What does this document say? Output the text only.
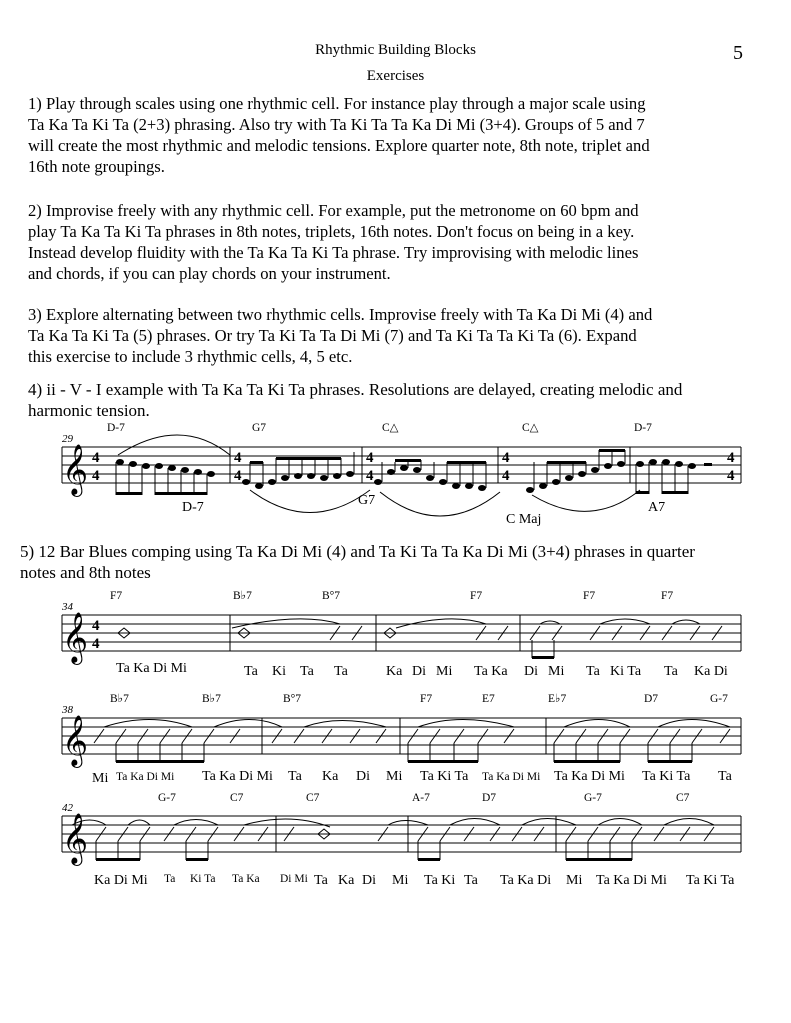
Rhythmic Building Blocks	5
Exercises
1) Play through scales using one rhythmic cell. For instance play through a major scale using
Ta Ka Ta Ki Ta (2+3) phrasing. Also try with Ta Ki Ta Ta Ka Di Mi (3+4). Groups of 5 and 7
will create the most rhythmic and melodic tensions. Explore quarter note, 8th note, triplet and
16th note groupings.
2) Improvise freely with any rhythmic cell. For example, put the metronome on 60 bpm and
play Ta Ka Ta Ki Ta phrases in 8th notes, triplets, 16th notes. Don't focus on being in a key.
Instead develop fluidity with the Ta Ka Ta Ki Ta phrase. Try improvising with melodic lines
and chords, if you can play chords on your instrument.
3) Explore alternating between two rhythmic cells. Improvise freely with Ta Ka Di Mi (4) and
Ta Ka Ta Ki Ta (5) phrases. Or try Ta Ki Ta Ta Di Mi (7) and Ta Ki Ta Ta Ki Ta (6). Expand
this exercise to include 3 rhythmic cells, 4, 5 etc.
4) ii - V - I example with Ta Ka Ta Ki Ta phrases. Resolutions are delayed, creating melodic and
harmonic tension.
5) 12 Bar Blues comping using Ta Ka Di Mi (4) and Ta Ki Ta Ta Ka Di Mi (3+4) phrases in quarter
notes and 8th notes
29
𝄞 4
4
4
4
4
4
4
4
4
4
D-7	G7	C△	C△	D-7
D-7	G7
C Maj
A7
34
𝄞 4
4
F7	B♭7	B°7	F7	F7	F7
Ta Ka Di Mi	Ta Ki Ta Ta	Ka Di Mi Ta Ka Di Mi Ta Ki Ta Ta Ka Di
38
𝄞
B♭7	B♭7	B°7	F7	E7	E♭7	D7	G-7
Mi Ta Ka Di Mi Ta Ka Di Mi Ta Ka Di Mi Ta Ki Ta Ta Ka Di Mi Ta Ka Di Mi Ta Ki Ta Ta
42
𝄞
G-7	C7	C7	A-7	D7	G-7	C7
Ka Di Mi Ta Ki Ta Ta Ka Di Mi Ta Ka Di Mi Ta Ki Ta Ta Ka Di Mi Ta Ka Di Mi Ta Ki Ta
